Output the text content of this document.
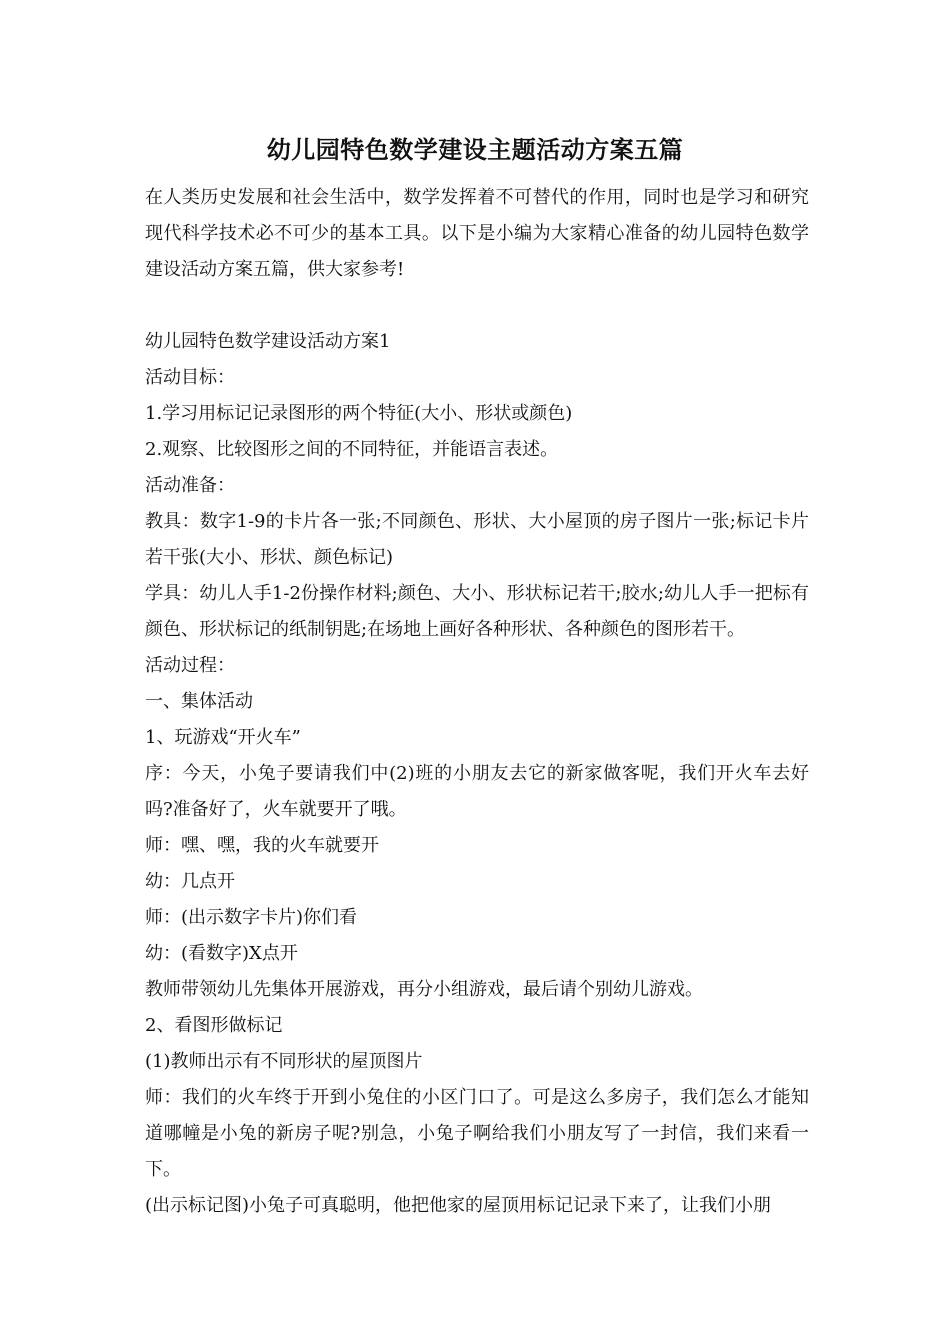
幼儿园特色数学建设主题活动方案五篇

在人类历史发展和社会生活中，数学发挥着不可替代的作用，同时也是学习和研究现代科学技术必不可少的基本工具。以下是小编为大家精心准备的幼儿园特色数学建设活动方案五篇，供大家参考!

幼儿园特色数学建设活动方案1

活动目标：

1.学习用标记记录图形的两个特征(大小、形状或颜色)

2.观察、比较图形之间的不同特征，并能语言表述。

活动准备：

教具：数字1-9的卡片各一张;不同颜色、形状、大小屋顶的房子图片一张;标记卡片若干张(大小、形状、颜色标记)

学具：幼儿人手1-2份操作材料;颜色、大小、形状标记若干;胶水;幼儿人手一把标有颜色、形状标记的纸制钥匙;在场地上画好各种形状、各种颜色的图形若干。

活动过程：

一、集体活动

1、玩游戏“开火车”

序：今天，小兔子要请我们中(2)班的小朋友去它的新家做客呢，我们开火车去好吗?准备好了，火车就要开了哦。

师：嘿、嘿，我的火车就要开

幼：几点开

师：(出示数字卡片)你们看

幼：(看数字)X点开

教师带领幼儿先集体开展游戏，再分小组游戏，最后请个别幼儿游戏。

2、看图形做标记

(1)教师出示有不同形状的屋顶图片

师：我们的火车终于开到小兔住的小区门口了。可是这么多房子，我们怎么才能知道哪幢是小兔的新房子呢?别急，小兔子啊给我们小朋友写了一封信，我们来看一下。

(出示标记图)小兔子可真聪明，他把他家的屋顶用标记记录下来了，让我们小朋
